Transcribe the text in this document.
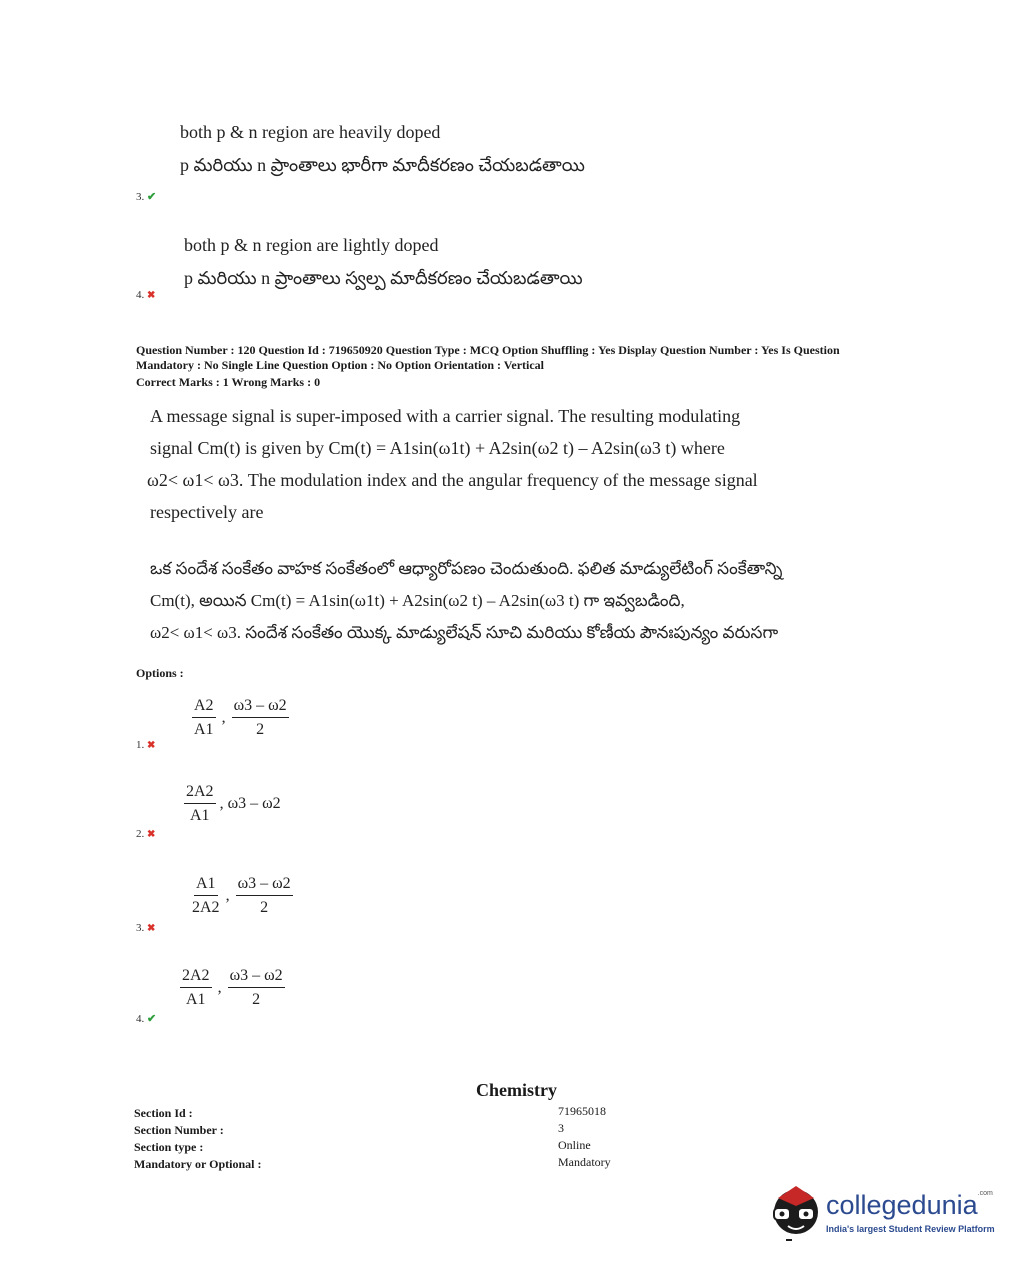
both p & n region are heavily doped
p మరియు n ప్రాంతాలు భారీగా మాదీకరణం చేయబడతాయి
3. ✔
both p & n region are lightly doped
p మరియు n ప్రాంతాలు స్వల్ప మాదీకరణం చేయబడతాయి
4. ✖
Question Number : 120 Question Id : 719650920 Question Type : MCQ Option Shuffling : Yes Display Question Number : Yes Is Question
Mandatory : No Single Line Question Option : No Option Orientation : Vertical
Correct Marks : 1 Wrong Marks : 0
A message signal is super-imposed with a carrier signal. The resulting modulating
signal Cm(t) is given by Cm(t) = A1sin(ω1t) + A2sin(ω2 t) – A2sin(ω3 t) where
ω2< ω1< ω3. The modulation index and the angular frequency of the message signal
respectively are
ఒక సందేశ సంకేతం వాహక సంకేతంలో ఆధ్యారోపణం చెందుతుంది. ఫలిత మాడ్యులేటింగ్ సంకేతాన్ని
Cm(t), అయిన Cm(t) = A1sin(ω1t) + A2sin(ω2 t) – A2sin(ω3 t) గా ఇవ్వబడింది,
ω2< ω1< ω3. సందేశ సంకేతం యొక్క మాడ్యులేషన్ సూచి మరియు కోణీయ పౌనఃపున్యం వరుసగా
Options :
$\frac{A2}{A1}$ , $\frac{\omega 3 - \omega 2}{2}$
1. ✖
$\frac{2A2}{A1}$ , ω3 – ω2
2. ✖
$\frac{A1}{2A2}$ , $\frac{\omega 3 - \omega 2}{2}$
3. ✖
$\frac{2A2}{A1}$ , $\frac{\omega 3 - \omega 2}{2}$
4. ✔
Chemistry
Section Id :	71965018
Section Number :	3
Section type :	Online
Mandatory or Optional :	Mandatory
collegedunia$^{.com}$
India's largest Student Review Platform
